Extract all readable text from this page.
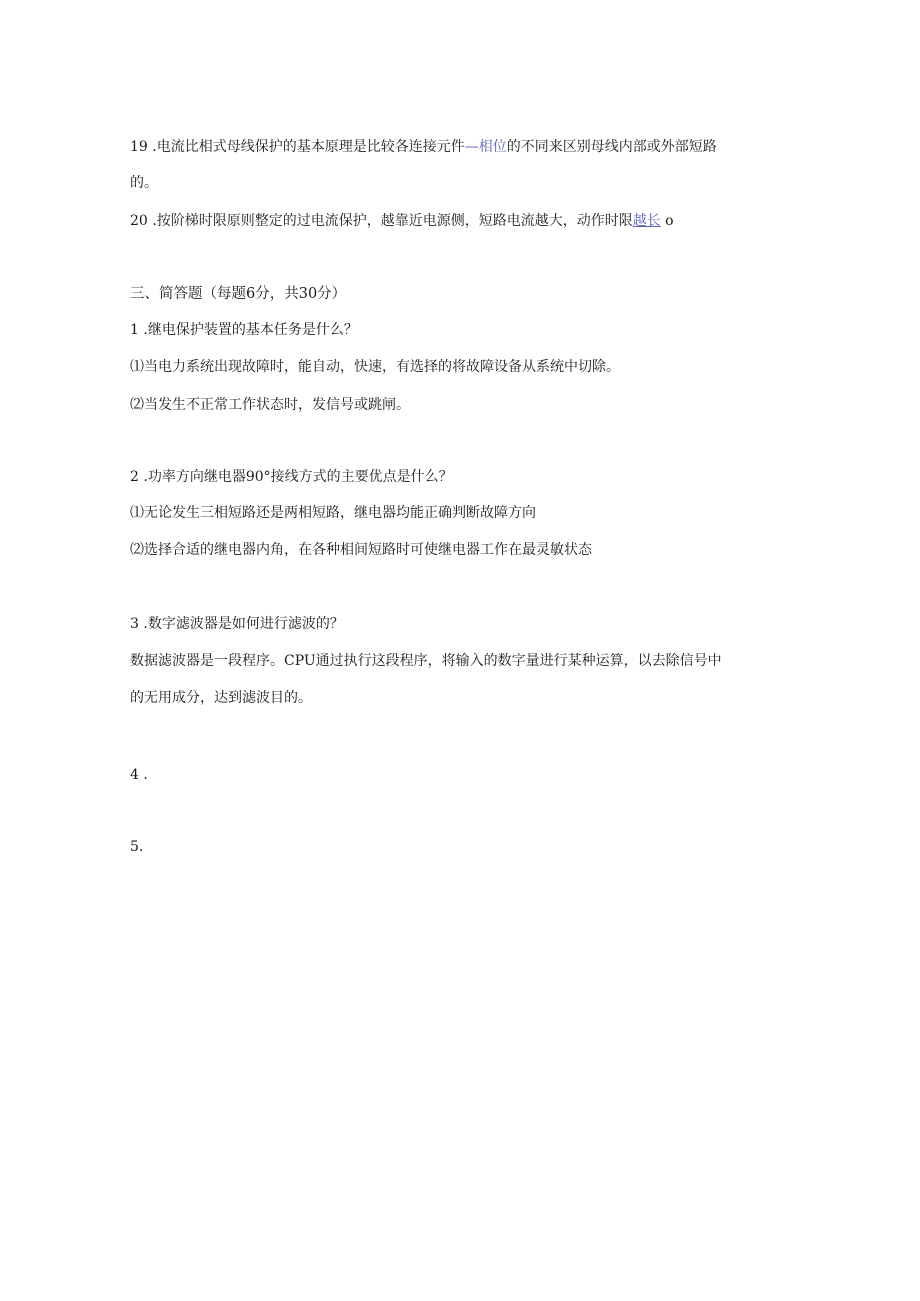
19 .电流比相式母线保护的基本原理是比较各连接元件—相位的不同来区别母线内部或外部短路
的。
20 .按阶梯时限原则整定的过电流保护，越靠近电源侧，短路电流越大，动作时限越长 o
三、简答题（每题6分，共30分）
1 .继电保护装置的基本任务是什么？
⑴当电力系统出现故障时，能自动，快速，有选择的将故障设备从系统中切除。
⑵当发生不正常工作状态时，发信号或跳闸。
2 .功率方向继电器90°接线方式的主要优点是什么？
⑴无论发生三相短路还是两相短路，继电器均能正确判断故障方向
⑵选择合适的继电器内角，在各种相间短路时可使继电器工作在最灵敏状态
3 .数字滤波器是如何进行滤波的？
数据滤波器是一段程序。CPU通过执行这段程序，将输入的数字量进行某种运算，以去除信号中
的无用成分，达到滤波目的。
4 .
5.
